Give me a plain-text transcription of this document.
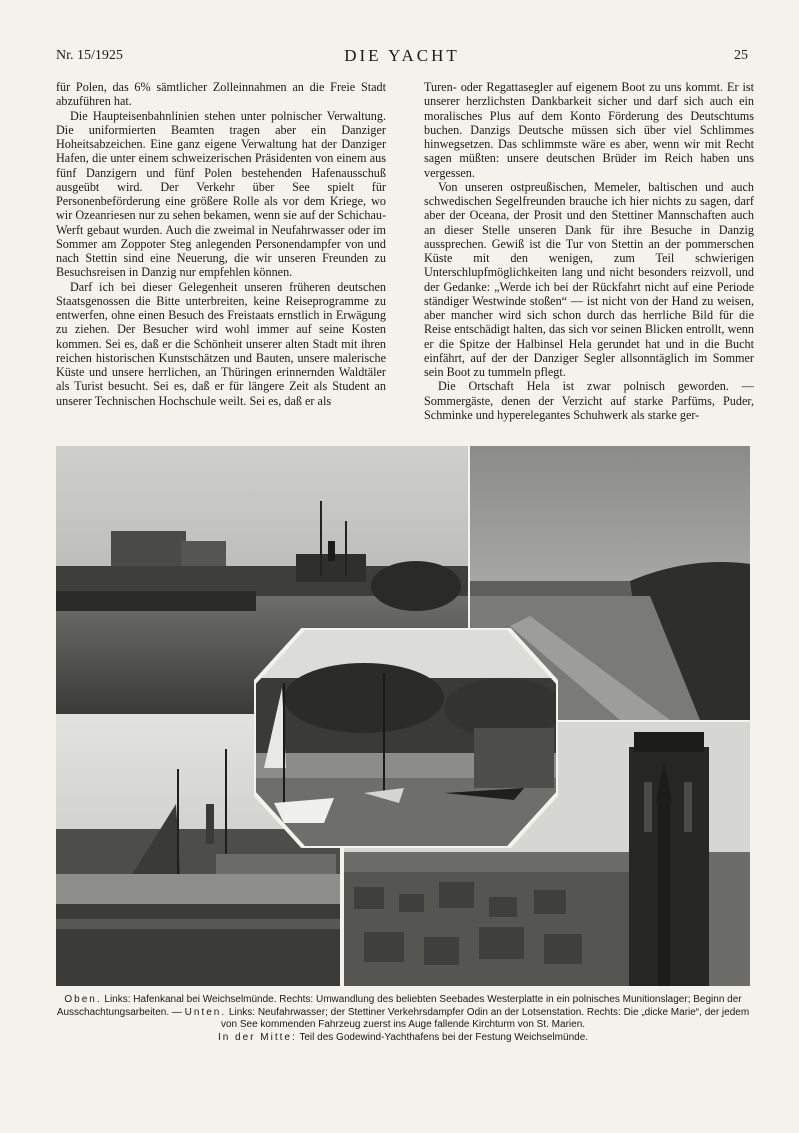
Nr. 15/1925	DIE YACHT	25

für Polen, das 6% sämtlicher Zolleinnahmen an die Freie Stadt abzuführen hat.

Die Haupteisenbahnlinien stehen unter polnischer Verwaltung. Die uniformierten Beamten tragen aber ein Danziger Hoheitsabzeichen. Eine ganz eigene Verwaltung hat der Danziger Hafen, die unter einem schweizerischen Präsidenten von einem aus fünf Danzigern und fünf Polen bestehenden Hafenausschuß ausgeübt wird. Der Verkehr über See spielt für Personenbeförderung eine größere Rolle als vor dem Kriege, wo wir Ozeanriesen nur zu sehen bekamen, wenn sie auf der Schichau-Werft gebaut wurden. Auch die zweimal in Neufahrwasser oder im Sommer am Zoppoter Steg anlegenden Personendampfer von und nach Stettin sind eine Neuerung, die wir unseren Freunden zu Besuchsreisen in Danzig nur empfehlen können.

Darf ich bei dieser Gelegenheit unseren früheren deutschen Staatsgenossen die Bitte unterbreiten, keine Reiseprogramme zu entwerfen, ohne einen Besuch des Freistaats ernstlich in Erwägung zu ziehen. Der Besucher wird wohl immer auf seine Kosten kommen. Sei es, daß er die Schönheit unserer alten Stadt mit ihren reichen historischen Kunstschätzen und Bauten, unsere malerische Küste und unsere herrlichen, an Thüringen erinnernden Waldtäler als Turist besucht. Sei es, daß er für längere Zeit als Student an unserer Technischen Hochschule weilt. Sei es, daß er als

Turen- oder Regattasegler auf eigenem Boot zu uns kommt. Er ist unserer herzlichsten Dankbarkeit sicher und darf sich auch ein moralisches Plus auf dem Konto Förderung des Deutschtums buchen. Danzigs Deutsche müssen sich über viel Schlimmes hinwegsetzen. Das schlimmste wäre es aber, wenn wir mit Recht sagen müßten: unsere deutschen Brüder im Reich haben uns vergessen.

Von unseren ostpreußischen, Memeler, baltischen und auch schwedischen Segelfreunden brauche ich hier nichts zu sagen, darf aber der Oceana, der Prosit und den Stettiner Mannschaften auch an dieser Stelle unseren Dank für ihre Besuche in Danzig aussprechen. Gewiß ist die Tur von Stettin an der pommerschen Küste mit den wenigen, zum Teil schwierigen Unterschlupfmöglichkeiten lang und nicht besonders reizvoll, und der Gedanke: „Werde ich bei der Rückfahrt nicht auf eine Periode ständiger Westwinde stoßen“ — ist nicht von der Hand zu weisen, aber mancher wird sich schon durch das herrliche Bild für die Reise entschädigt halten, das sich vor seinen Blicken entrollt, wenn er die Spitze der Halbinsel Hela gerundet hat und in die Bucht einfährt, auf der der Danziger Segler allsonntäglich im Sommer sein Boot zu tummeln pflegt.

Die Ortschaft Hela ist zwar polnisch geworden. — Sommergäste, denen der Verzicht auf starke Parfüms, Puder, Schminke und hyperelegantes Schuhwerk als starke ger-

Oben. Links: Hafenkanal bei Weichselmünde. Rechts: Umwandlung des beliebten Seebades Westerplatte in ein polnisches Munitionslager; Beginn der Ausschachtungsarbeiten. — Unten. Links: Neufahrwasser; der Stettiner Verkehrsdampfer Odin an der Lotsenstation. Rechts: Die „dicke Marie“, der jedem von See kommenden Fahrzeug zuerst ins Auge fallende Kirchturm von St. Marien.
In der Mitte: Teil des Godewind-Yachthafens bei der Festung Weichselmünde.
